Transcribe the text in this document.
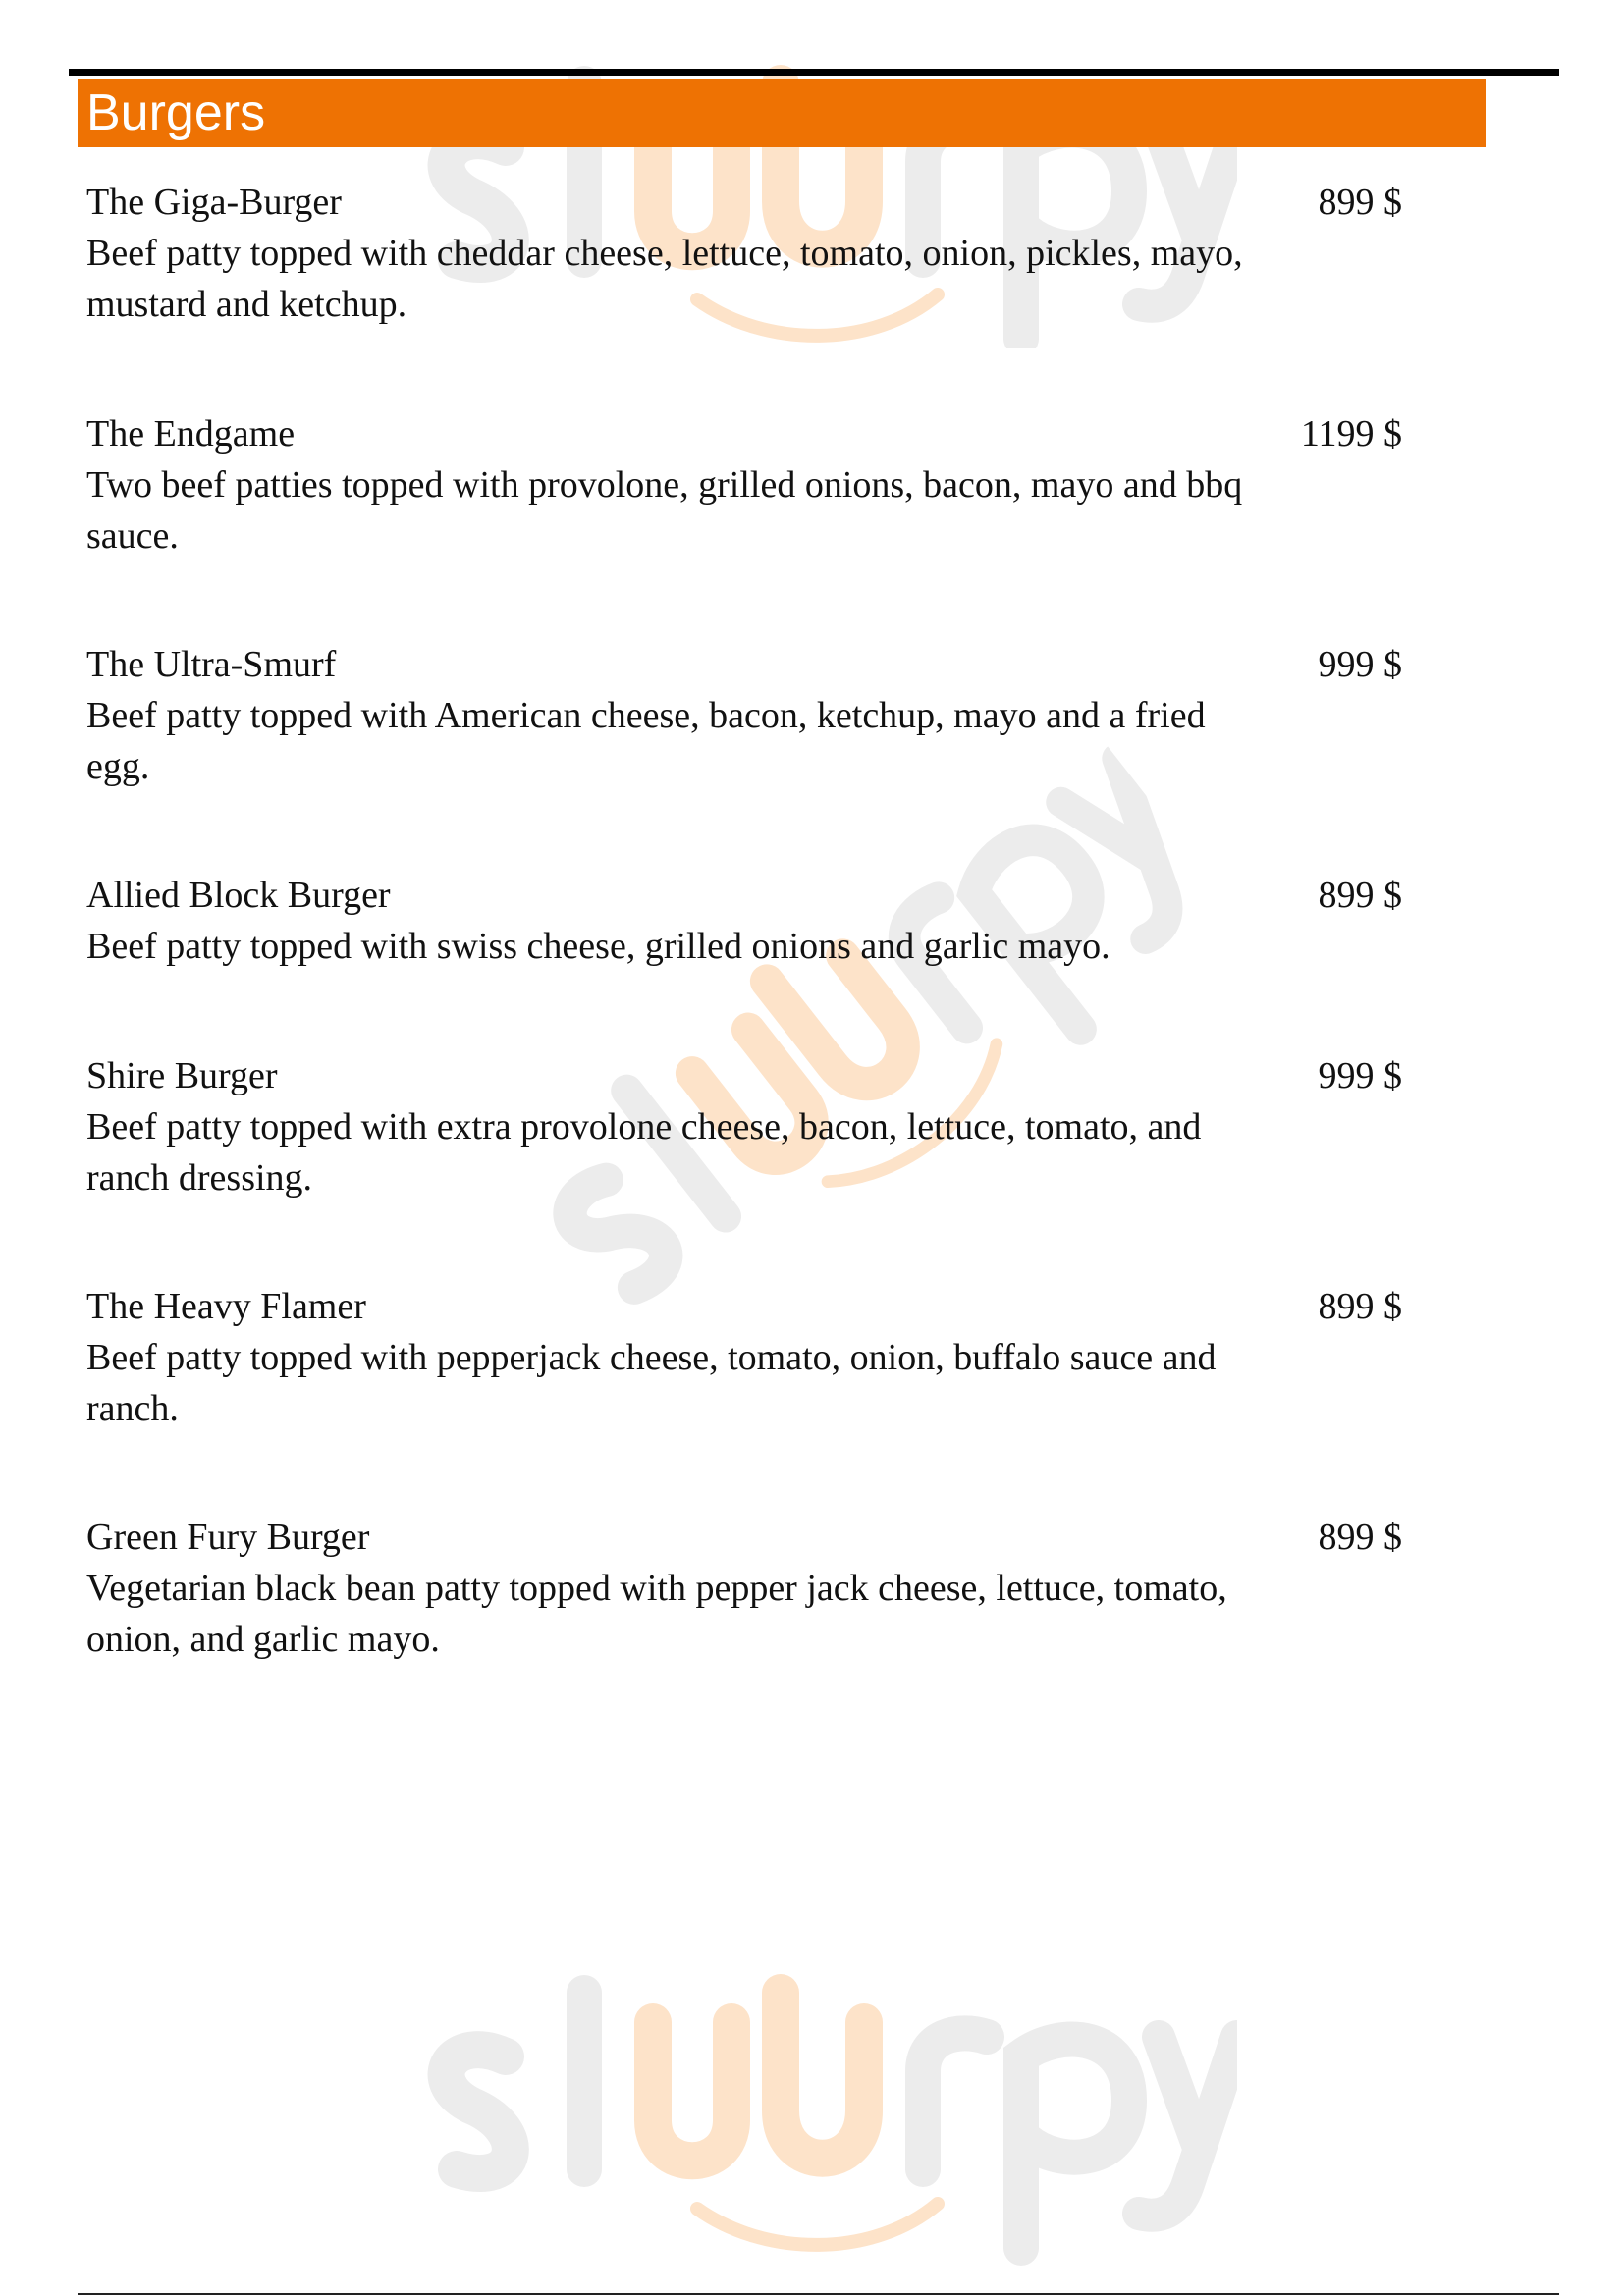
Burgers
The Giga-Burger
Beef patty topped with cheddar cheese, lettuce, tomato, onion, pickles, mayo, mustard and ketchup.
899 $
The Endgame
Two beef patties topped with provolone, grilled onions, bacon, mayo and bbq sauce.
1199 $
The Ultra-Smurf
Beef patty topped with American cheese, bacon, ketchup, mayo and a fried egg.
999 $
Allied Block Burger
Beef patty topped with swiss cheese, grilled onions and garlic mayo.
899 $
Shire Burger
Beef patty topped with extra provolone cheese, bacon, lettuce, tomato, and ranch dressing.
999 $
The Heavy Flamer
Beef patty topped with pepperjack cheese, tomato, onion, buffalo sauce and ranch.
899 $
Green Fury Burger
Vegetarian black bean patty topped with pepper jack cheese, lettuce, tomato, onion, and garlic mayo.
899 $
